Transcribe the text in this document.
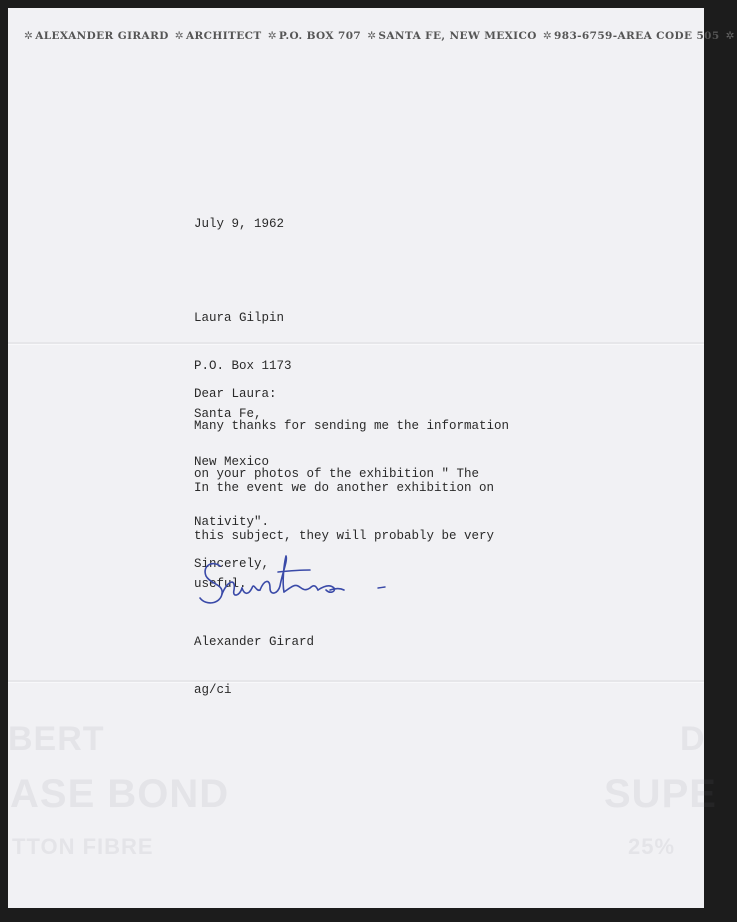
✲ ALEXANDER GIRARD ✲ ARCHITECT ✲ P.O. BOX 707 ✲ SANTA FE, NEW MEXICO ✲ 983-6759-AREA CODE 505 ✲

July 9, 1962

Laura Gilpin

P.O. Box 1173

Santa Fe,

New Mexico

Dear Laura:

Many thanks for sending me the information

on your photos of the exhibition " The

Nativity".

In the event we do another exhibition on

this subject, they will probably be very

useful.

Sincerely,

Alexander Girard

ag/ci

BERT
ASE BOND
TTON FIBRE
D
SUPE
25%
